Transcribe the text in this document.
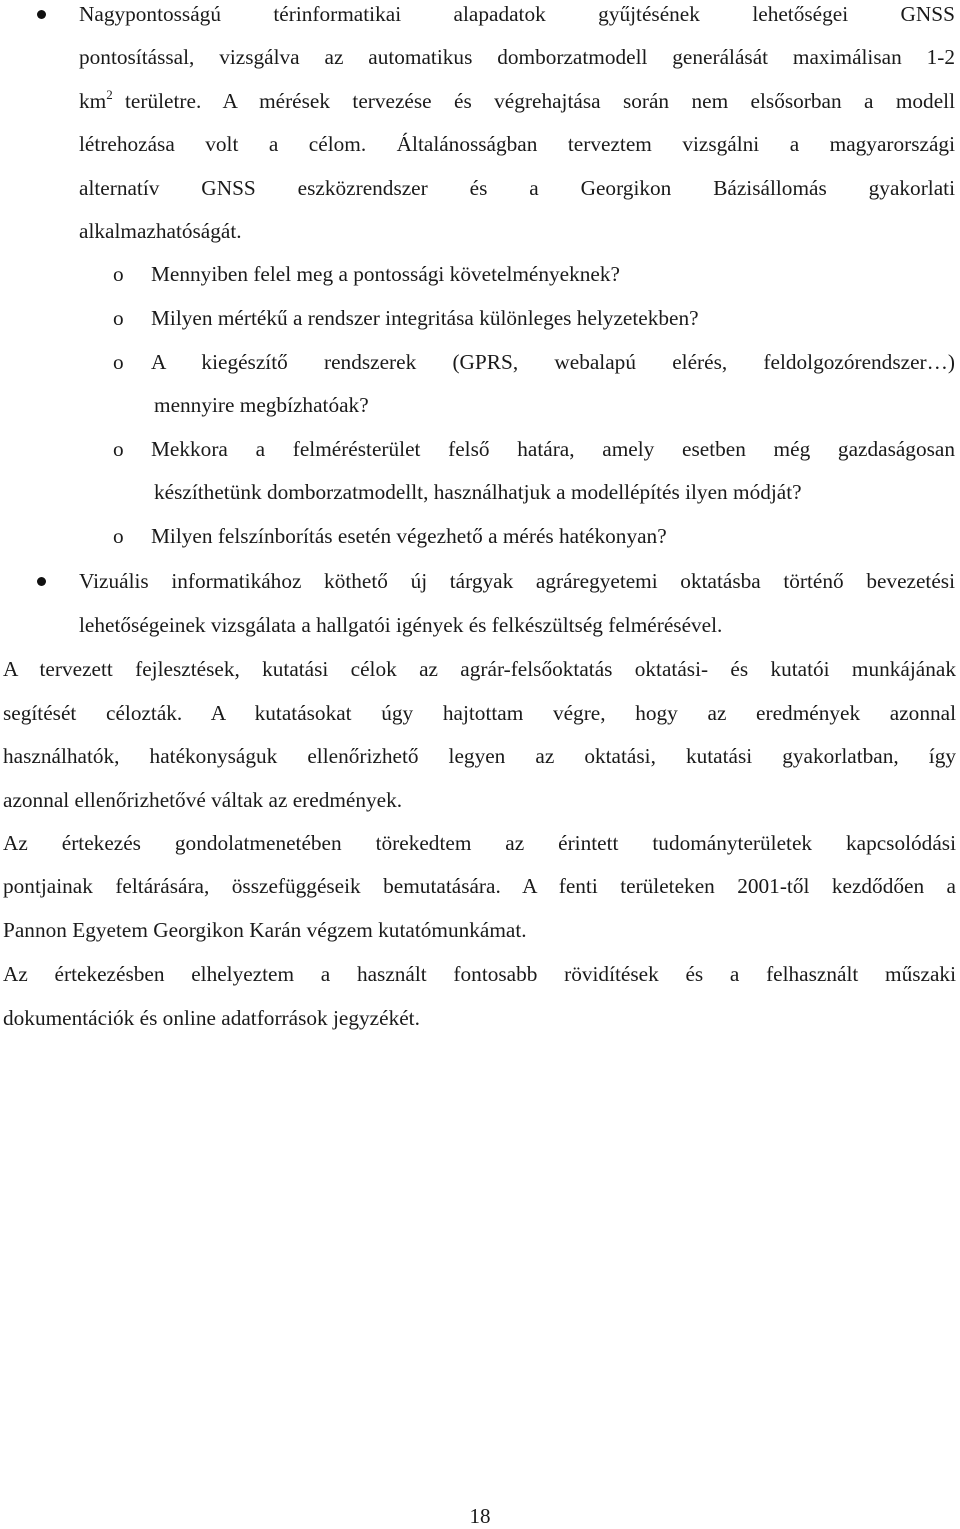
Nagypontosságú térinformatikai alapadatok gyűjtésének lehetőségei GNSS
pontosítással, vizsgálva az automatikus domborzatmodell generálását maximálisan 1-2
$km^2$ területre. A mérések tervezése és végrehajtása során nem elsősorban a modell
létrehozása volt a célom. Általánosságban terveztem vizsgálni a magyarországi
alternatív GNSS eszközrendszer és a Georgikon Bázisállomás gyakorlati
alkalmazhatóságát.
o Mennyiben felel meg a pontossági követelményeknek?
o Milyen mértékű a rendszer integritása különleges helyzetekben?
o A kiegészítő rendszerek (GPRS, webalapú elérés, feldolgozórendszer…)
mennyire megbízhatóak?
o Mekkora a felmérésterület felső határa, amely esetben még gazdaságosan
készíthetünk domborzatmodellt, használhatjuk a modellépítés ilyen módját?
o Milyen felszínborítás esetén végezhető a mérés hatékonyan?
Vizuális informatikához köthető új tárgyak agráregyetemi oktatásba történő bevezetési
lehetőségeinek vizsgálata a hallgatói igények és felkészültség felmérésével.
A tervezett fejlesztések, kutatási célok az agrár-felsőoktatás oktatási- és kutatói munkájának
segítését célozták. A kutatásokat úgy hajtottam végre, hogy az eredmények azonnal
használhatók, hatékonyságuk ellenőrizhető legyen az oktatási, kutatási gyakorlatban, így
azonnal ellenőrizhetővé váltak az eredmények.
Az értekezés gondolatmenetében törekedtem az érintett tudományterületek kapcsolódási
pontjainak feltárására, összefüggéseik bemutatására. A fenti területeken 2001-től kezdődően a
Pannon Egyetem Georgikon Karán végzem kutatómunkámat.
Az értekezésben elhelyeztem a használt fontosabb rövidítések és a felhasznált műszaki
dokumentációk és online adatforrások jegyzékét.
18
